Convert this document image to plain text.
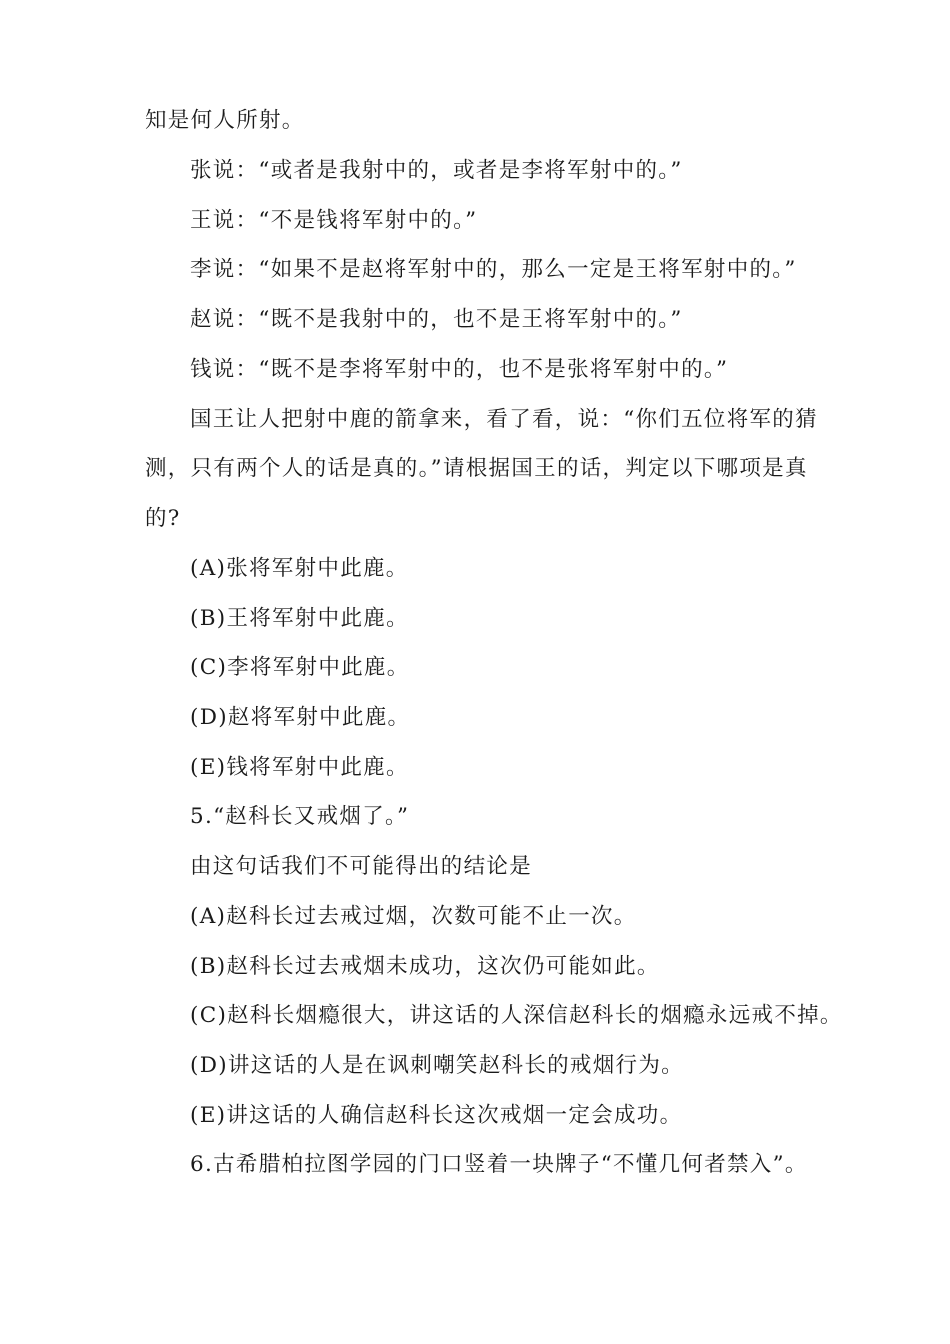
知是何人所射。
张说：“或者是我射中的，或者是李将军射中的。”
王说：“不是钱将军射中的。”
李说：“如果不是赵将军射中的，那么一定是王将军射中的。”
赵说：“既不是我射中的，也不是王将军射中的。”
钱说：“既不是李将军射中的，也不是张将军射中的。”
国王让人把射中鹿的箭拿来，看了看，说：“你们五位将军的猜
测，只有两个人的话是真的。”请根据国王的话，判定以下哪项是真
的?
(A)张将军射中此鹿。
(B)王将军射中此鹿。
(C)李将军射中此鹿。
(D)赵将军射中此鹿。
(E)钱将军射中此鹿。
5.“赵科长又戒烟了。”
由这句话我们不可能得出的结论是
(A)赵科长过去戒过烟，次数可能不止一次。
(B)赵科长过去戒烟未成功，这次仍可能如此。
(C)赵科长烟瘾很大，讲这话的人深信赵科长的烟瘾永远戒不掉。
(D)讲这话的人是在讽刺嘲笑赵科长的戒烟行为。
(E)讲这话的人确信赵科长这次戒烟一定会成功。
6.古希腊柏拉图学园的门口竖着一块牌子“不懂几何者禁入”。
